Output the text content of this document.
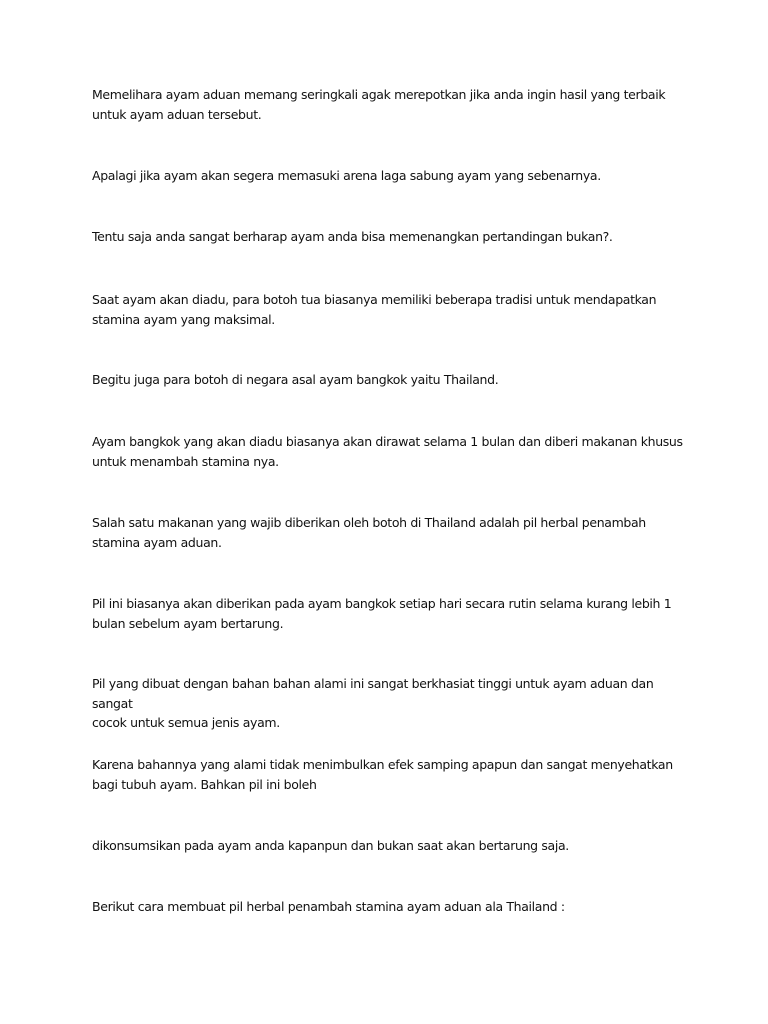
Memelihara ayam aduan memang seringkali agak merepotkan jika anda ingin hasil yang terbaik
untuk ayam aduan tersebut.

Apalagi jika ayam akan segera memasuki arena laga sabung ayam yang sebenarnya.

Tentu saja anda sangat berharap ayam anda bisa memenangkan pertandingan bukan?.

Saat ayam akan diadu, para botoh tua biasanya memiliki beberapa tradisi untuk mendapatkan
stamina ayam yang maksimal.

Begitu juga para botoh di negara asal ayam bangkok yaitu Thailand.

Ayam bangkok yang akan diadu biasanya akan dirawat selama 1 bulan dan diberi makanan khusus
untuk menambah stamina nya.

Salah satu makanan yang wajib diberikan oleh botoh di Thailand adalah pil herbal penambah
stamina ayam aduan.

Pil ini biasanya akan diberikan pada ayam bangkok setiap hari secara rutin selama kurang lebih 1
bulan sebelum ayam bertarung.

Pil yang dibuat dengan bahan bahan alami ini sangat berkhasiat tinggi untuk ayam aduan dan sangat
cocok untuk semua jenis ayam.

Karena bahannya yang alami tidak menimbulkan efek samping apapun dan sangat menyehatkan
bagi tubuh ayam. Bahkan pil ini boleh

dikonsumsikan pada ayam anda kapanpun dan bukan saat akan bertarung saja.

Berikut cara membuat pil herbal penambah stamina ayam aduan ala Thailand :
